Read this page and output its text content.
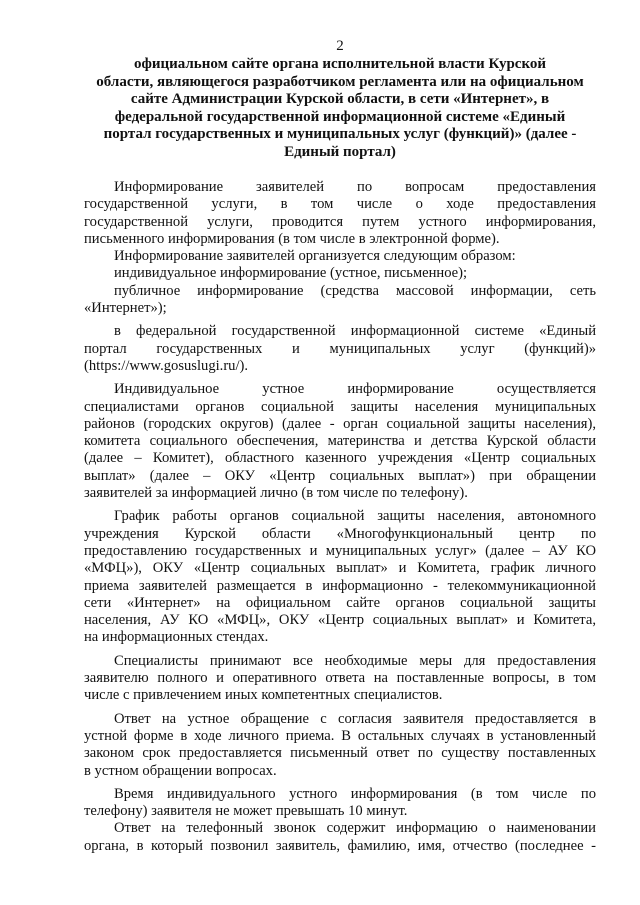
2
официальном сайте органа исполнительной власти Курской
области, являющегося разработчиком регламента или на официальном
сайте Администрации Курской области, в сети «Интернет», в
федеральной государственной информационной системе «Единый
портал государственных и муниципальных услуг (функций)» (далее -
Единый портал)
Информирование заявителей по вопросам предоставления
государственной услуги, в том числе о ходе предоставления
государственной услуги, проводится путем устного информирования,
письменного информирования (в том числе в электронной форме).
Информирование заявителей организуется следующим образом:
индивидуальное информирование (устное, письменное);
публичное информирование (средства массовой информации, сеть
«Интернет»);
в федеральной государственной информационной системе «Единый
портал государственных и муниципальных услуг (функций)»
(https://www.gosuslugi.ru/).
Индивидуальное устное информирование осуществляется
специалистами органов социальной защиты населения муниципальных
районов (городских округов) (далее - орган социальной защиты населения),
комитета социального обеспечения, материнства и детства Курской области
(далее – Комитет), областного казенного учреждения «Центр социальных
выплат» (далее – ОКУ «Центр социальных выплат») при обращении
заявителей за информацией лично (в том числе по телефону).
График работы органов социальной защиты населения, автономного
учреждения Курской области «Многофункциональный центр по
предоставлению государственных и муниципальных услуг» (далее – АУ КО
«МФЦ»), ОКУ «Центр социальных выплат» и Комитета, график личного
приема заявителей размещается в информационно - телекоммуникационной
сети «Интернет» на официальном сайте органов социальной защиты
населения, АУ КО «МФЦ», ОКУ «Центр социальных выплат» и Комитета,
на информационных стендах.
Специалисты принимают все необходимые меры для предоставления
заявителю полного и оперативного ответа на поставленные вопросы, в том
числе с привлечением иных компетентных специалистов.
Ответ на устное обращение с согласия заявителя предоставляется в
устной форме в ходе личного приема. В остальных случаях в установленный
законом срок предоставляется письменный ответ по существу поставленных
в устном обращении вопросах.
Время индивидуального устного информирования (в том числе по
телефону) заявителя не может превышать 10 минут.
Ответ на телефонный звонок содержит информацию о наименовании
органа, в который позвонил заявитель, фамилию, имя, отчество (последнее -
